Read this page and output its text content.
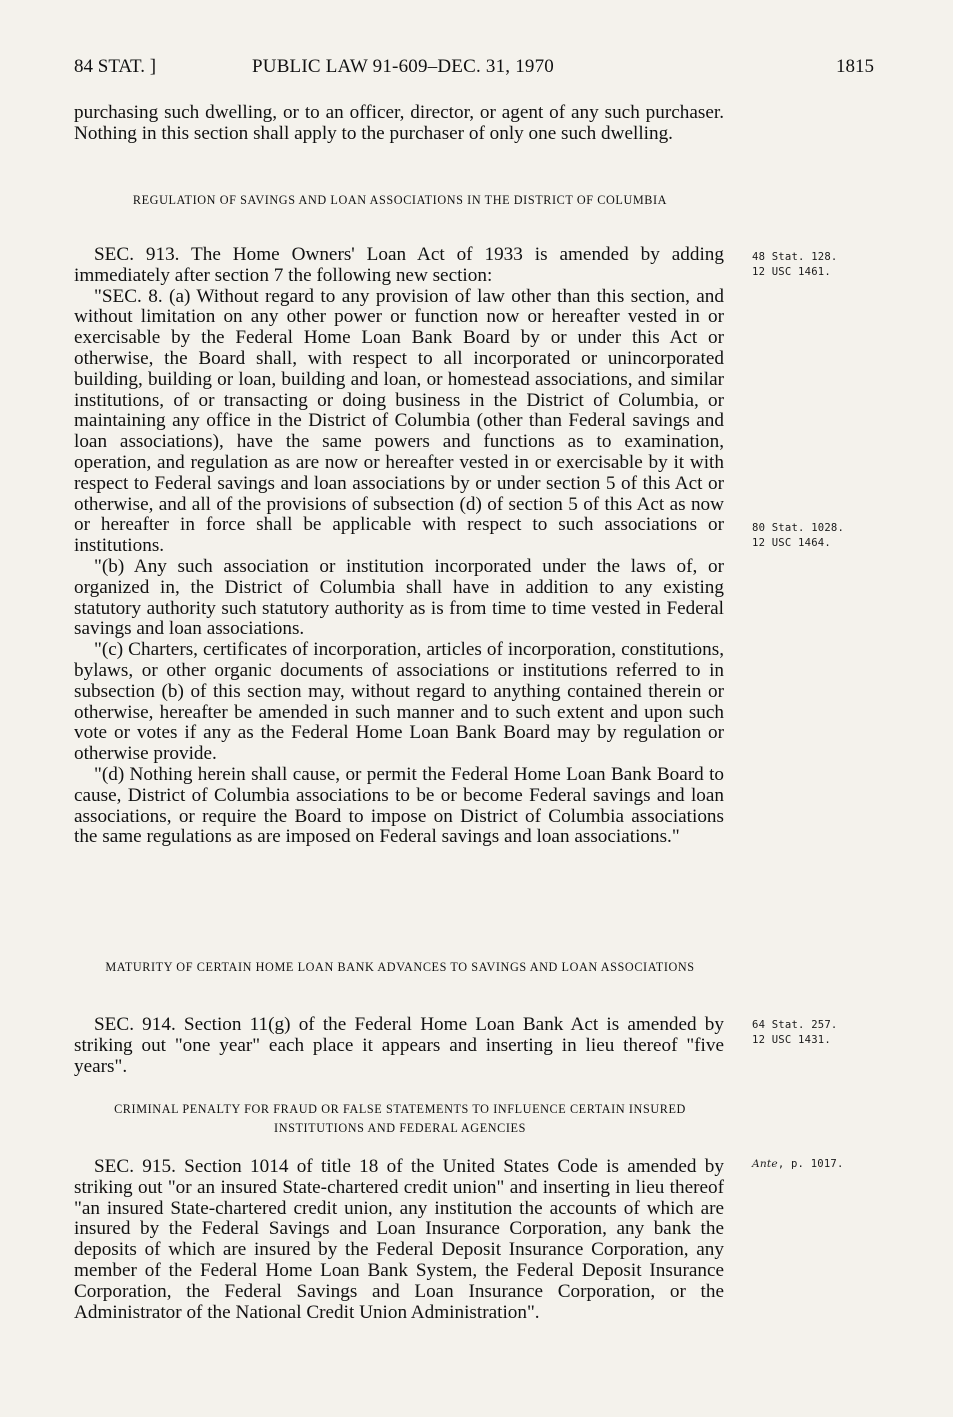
84 STAT. ]	PUBLIC LAW 91-609–DEC. 31, 1970	1815

purchasing such dwelling, or to an officer, director, or agent of any such purchaser. Nothing in this section shall apply to the purchaser of only one such dwelling.

REGULATION OF SAVINGS AND LOAN ASSOCIATIONS IN THE DISTRICT OF COLUMBIA

SEC. 913. The Home Owners' Loan Act of 1933 is amended by adding immediately after section 7 the following new section:

"SEC. 8. (a) Without regard to any provision of law other than this section, and without limitation on any other power or function now or hereafter vested in or exercisable by the Federal Home Loan Bank Board by or under this Act or otherwise, the Board shall, with respect to all incorporated or unincorporated building, building or loan, building and loan, or homestead associations, and similar institutions, of or transacting or doing business in the District of Columbia, or maintaining any office in the District of Columbia (other than Federal savings and loan associations), have the same powers and functions as to examination, operation, and regulation as are now or hereafter vested in or exercisable by it with respect to Federal savings and loan associations by or under section 5 of this Act or otherwise, and all of the provisions of subsection (d) of section 5 of this Act as now or hereafter in force shall be applicable with respect to such associations or institutions.

"(b) Any such association or institution incorporated under the laws of, or organized in, the District of Columbia shall have in addition to any existing statutory authority such statutory authority as is from time to time vested in Federal savings and loan associations.

"(c) Charters, certificates of incorporation, articles of incorporation, constitutions, bylaws, or other organic documents of associations or institutions referred to in subsection (b) of this section may, without regard to anything contained therein or otherwise, hereafter be amended in such manner and to such extent and upon such vote or votes if any as the Federal Home Loan Bank Board may by regulation or otherwise provide.

"(d) Nothing herein shall cause, or permit the Federal Home Loan Bank Board to cause, District of Columbia associations to be or become Federal savings and loan associations, or require the Board to impose on District of Columbia associations the same regulations as are imposed on Federal savings and loan associations."

MATURITY OF CERTAIN HOME LOAN BANK ADVANCES TO SAVINGS AND LOAN ASSOCIATIONS

SEC. 914. Section 11(g) of the Federal Home Loan Bank Act is amended by striking out "one year" each place it appears and inserting in lieu thereof "five years".

CRIMINAL PENALTY FOR FRAUD OR FALSE STATEMENTS TO INFLUENCE CERTAIN INSURED INSTITUTIONS AND FEDERAL AGENCIES

SEC. 915. Section 1014 of title 18 of the United States Code is amended by striking out "or an insured State-chartered credit union" and inserting in lieu thereof "an insured State-chartered credit union, any institution the accounts of which are insured by the Federal Savings and Loan Insurance Corporation, any bank the deposits of which are insured by the Federal Deposit Insurance Corporation, any member of the Federal Home Loan Bank System, the Federal Deposit Insurance Corporation, the Federal Savings and Loan Insurance Corporation, or the Administrator of the National Credit Union Administration".

48 Stat. 128.
12 USC 1461.
80 Stat. 1028.
12 USC 1464.
64 Stat. 257.
12 USC 1431.
Ante, p. 1017.
